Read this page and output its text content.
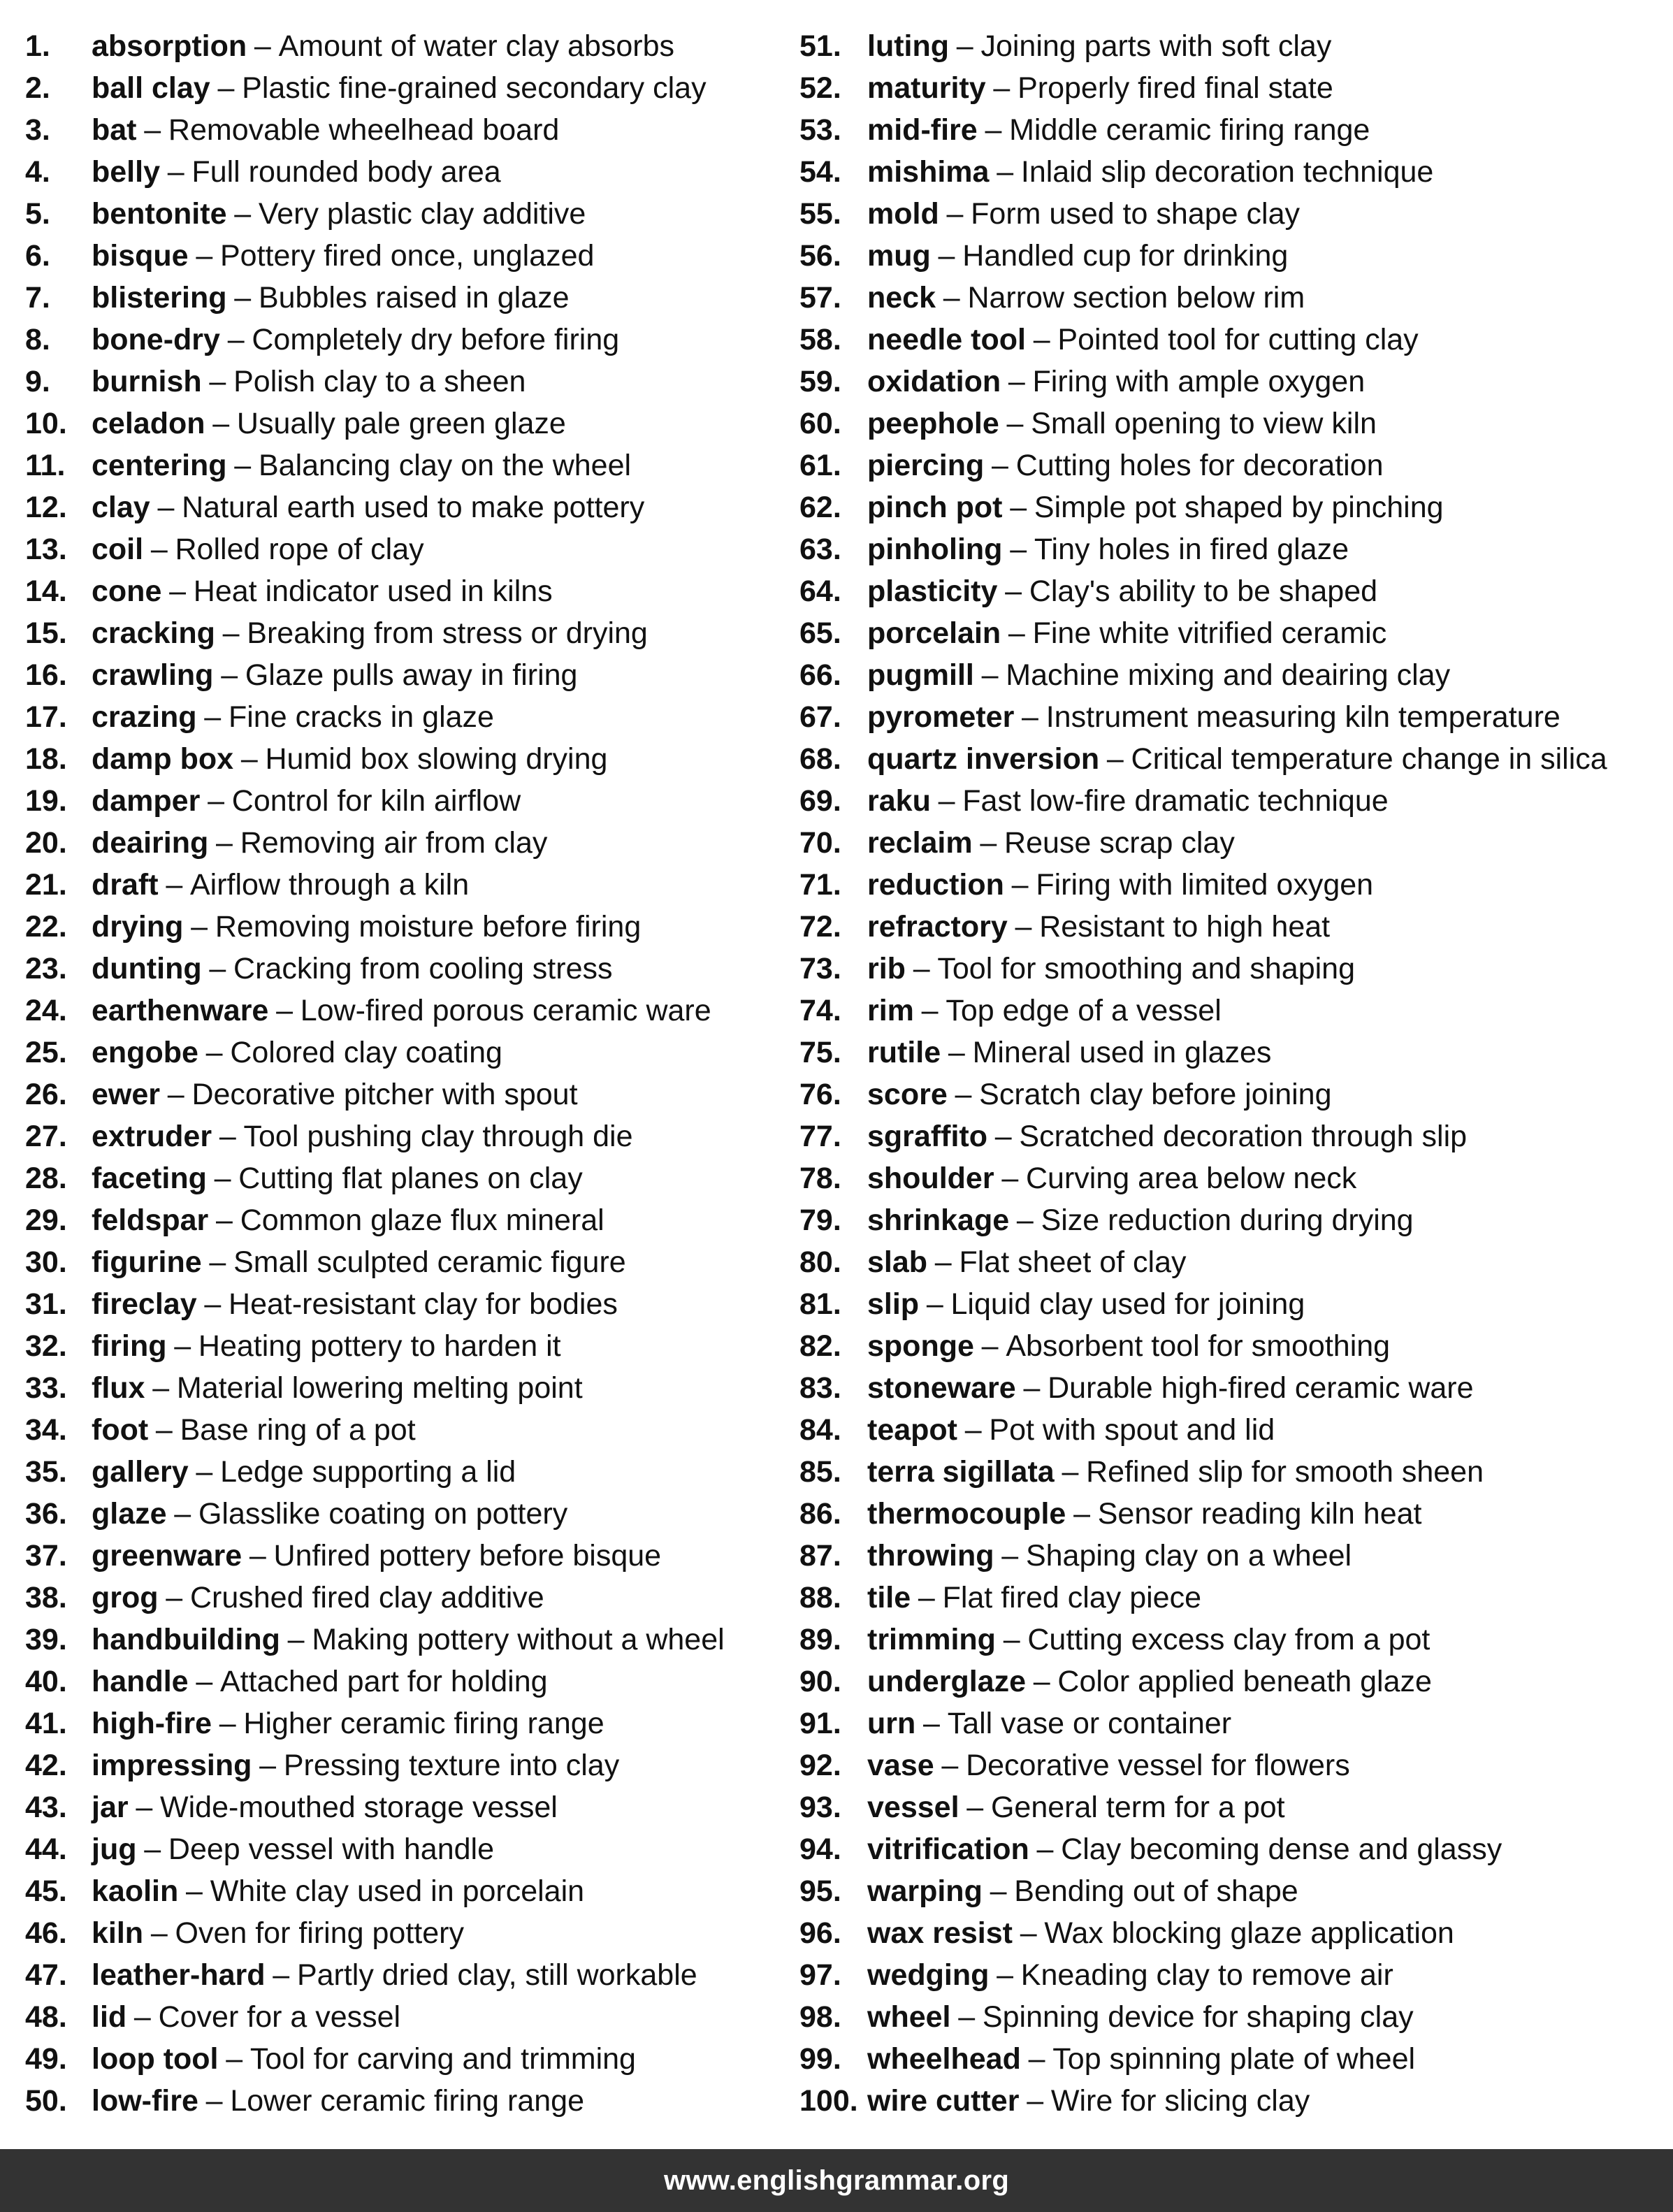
1. absorption – Amount of water clay absorbs
2. ball clay – Plastic fine-grained secondary clay
3. bat – Removable wheelhead board
4. belly – Full rounded body area
5. bentonite – Very plastic clay additive
6. bisque – Pottery fired once, unglazed
7. blistering – Bubbles raised in glaze
8. bone-dry – Completely dry before firing
9. burnish – Polish clay to a sheen
10. celadon – Usually pale green glaze
11. centering – Balancing clay on the wheel
12. clay – Natural earth used to make pottery
13. coil – Rolled rope of clay
14. cone – Heat indicator used in kilns
15. cracking – Breaking from stress or drying
16. crawling – Glaze pulls away in firing
17. crazing – Fine cracks in glaze
18. damp box – Humid box slowing drying
19. damper – Control for kiln airflow
20. deairing – Removing air from clay
21. draft – Airflow through a kiln
22. drying – Removing moisture before firing
23. dunting – Cracking from cooling stress
24. earthenware – Low-fired porous ceramic ware
25. engobe – Colored clay coating
26. ewer – Decorative pitcher with spout
27. extruder – Tool pushing clay through die
28. faceting – Cutting flat planes on clay
29. feldspar – Common glaze flux mineral
30. figurine – Small sculpted ceramic figure
31. fireclay – Heat-resistant clay for bodies
32. firing – Heating pottery to harden it
33. flux – Material lowering melting point
34. foot – Base ring of a pot
35. gallery – Ledge supporting a lid
36. glaze – Glasslike coating on pottery
37. greenware – Unfired pottery before bisque
38. grog – Crushed fired clay additive
39. handbuilding – Making pottery without a wheel
40. handle – Attached part for holding
41. high-fire – Higher ceramic firing range
42. impressing – Pressing texture into clay
43. jar – Wide-mouthed storage vessel
44. jug – Deep vessel with handle
45. kaolin – White clay used in porcelain
46. kiln – Oven for firing pottery
47. leather-hard – Partly dried clay, still workable
48. lid – Cover for a vessel
49. loop tool – Tool for carving and trimming
50. low-fire – Lower ceramic firing range
51. luting – Joining parts with soft clay
52. maturity – Properly fired final state
53. mid-fire – Middle ceramic firing range
54. mishima – Inlaid slip decoration technique
55. mold – Form used to shape clay
56. mug – Handled cup for drinking
57. neck – Narrow section below rim
58. needle tool – Pointed tool for cutting clay
59. oxidation – Firing with ample oxygen
60. peephole – Small opening to view kiln
61. piercing – Cutting holes for decoration
62. pinch pot – Simple pot shaped by pinching
63. pinholing – Tiny holes in fired glaze
64. plasticity – Clay's ability to be shaped
65. porcelain – Fine white vitrified ceramic
66. pugmill – Machine mixing and deairing clay
67. pyrometer – Instrument measuring kiln temperature
68. quartz inversion – Critical temperature change in silica
69. raku – Fast low-fire dramatic technique
70. reclaim – Reuse scrap clay
71. reduction – Firing with limited oxygen
72. refractory – Resistant to high heat
73. rib – Tool for smoothing and shaping
74. rim – Top edge of a vessel
75. rutile – Mineral used in glazes
76. score – Scratch clay before joining
77. sgraffito – Scratched decoration through slip
78. shoulder – Curving area below neck
79. shrinkage – Size reduction during drying
80. slab – Flat sheet of clay
81. slip – Liquid clay used for joining
82. sponge – Absorbent tool for smoothing
83. stoneware – Durable high-fired ceramic ware
84. teapot – Pot with spout and lid
85. terra sigillata – Refined slip for smooth sheen
86. thermocouple – Sensor reading kiln heat
87. throwing – Shaping clay on a wheel
88. tile – Flat fired clay piece
89. trimming – Cutting excess clay from a pot
90. underglaze – Color applied beneath glaze
91. urn – Tall vase or container
92. vase – Decorative vessel for flowers
93. vessel – General term for a pot
94. vitrification – Clay becoming dense and glassy
95. warping – Bending out of shape
96. wax resist – Wax blocking glaze application
97. wedging – Kneading clay to remove air
98. wheel – Spinning device for shaping clay
99. wheelhead – Top spinning plate of wheel
100. wire cutter – Wire for slicing clay
www.englishgrammar.org
